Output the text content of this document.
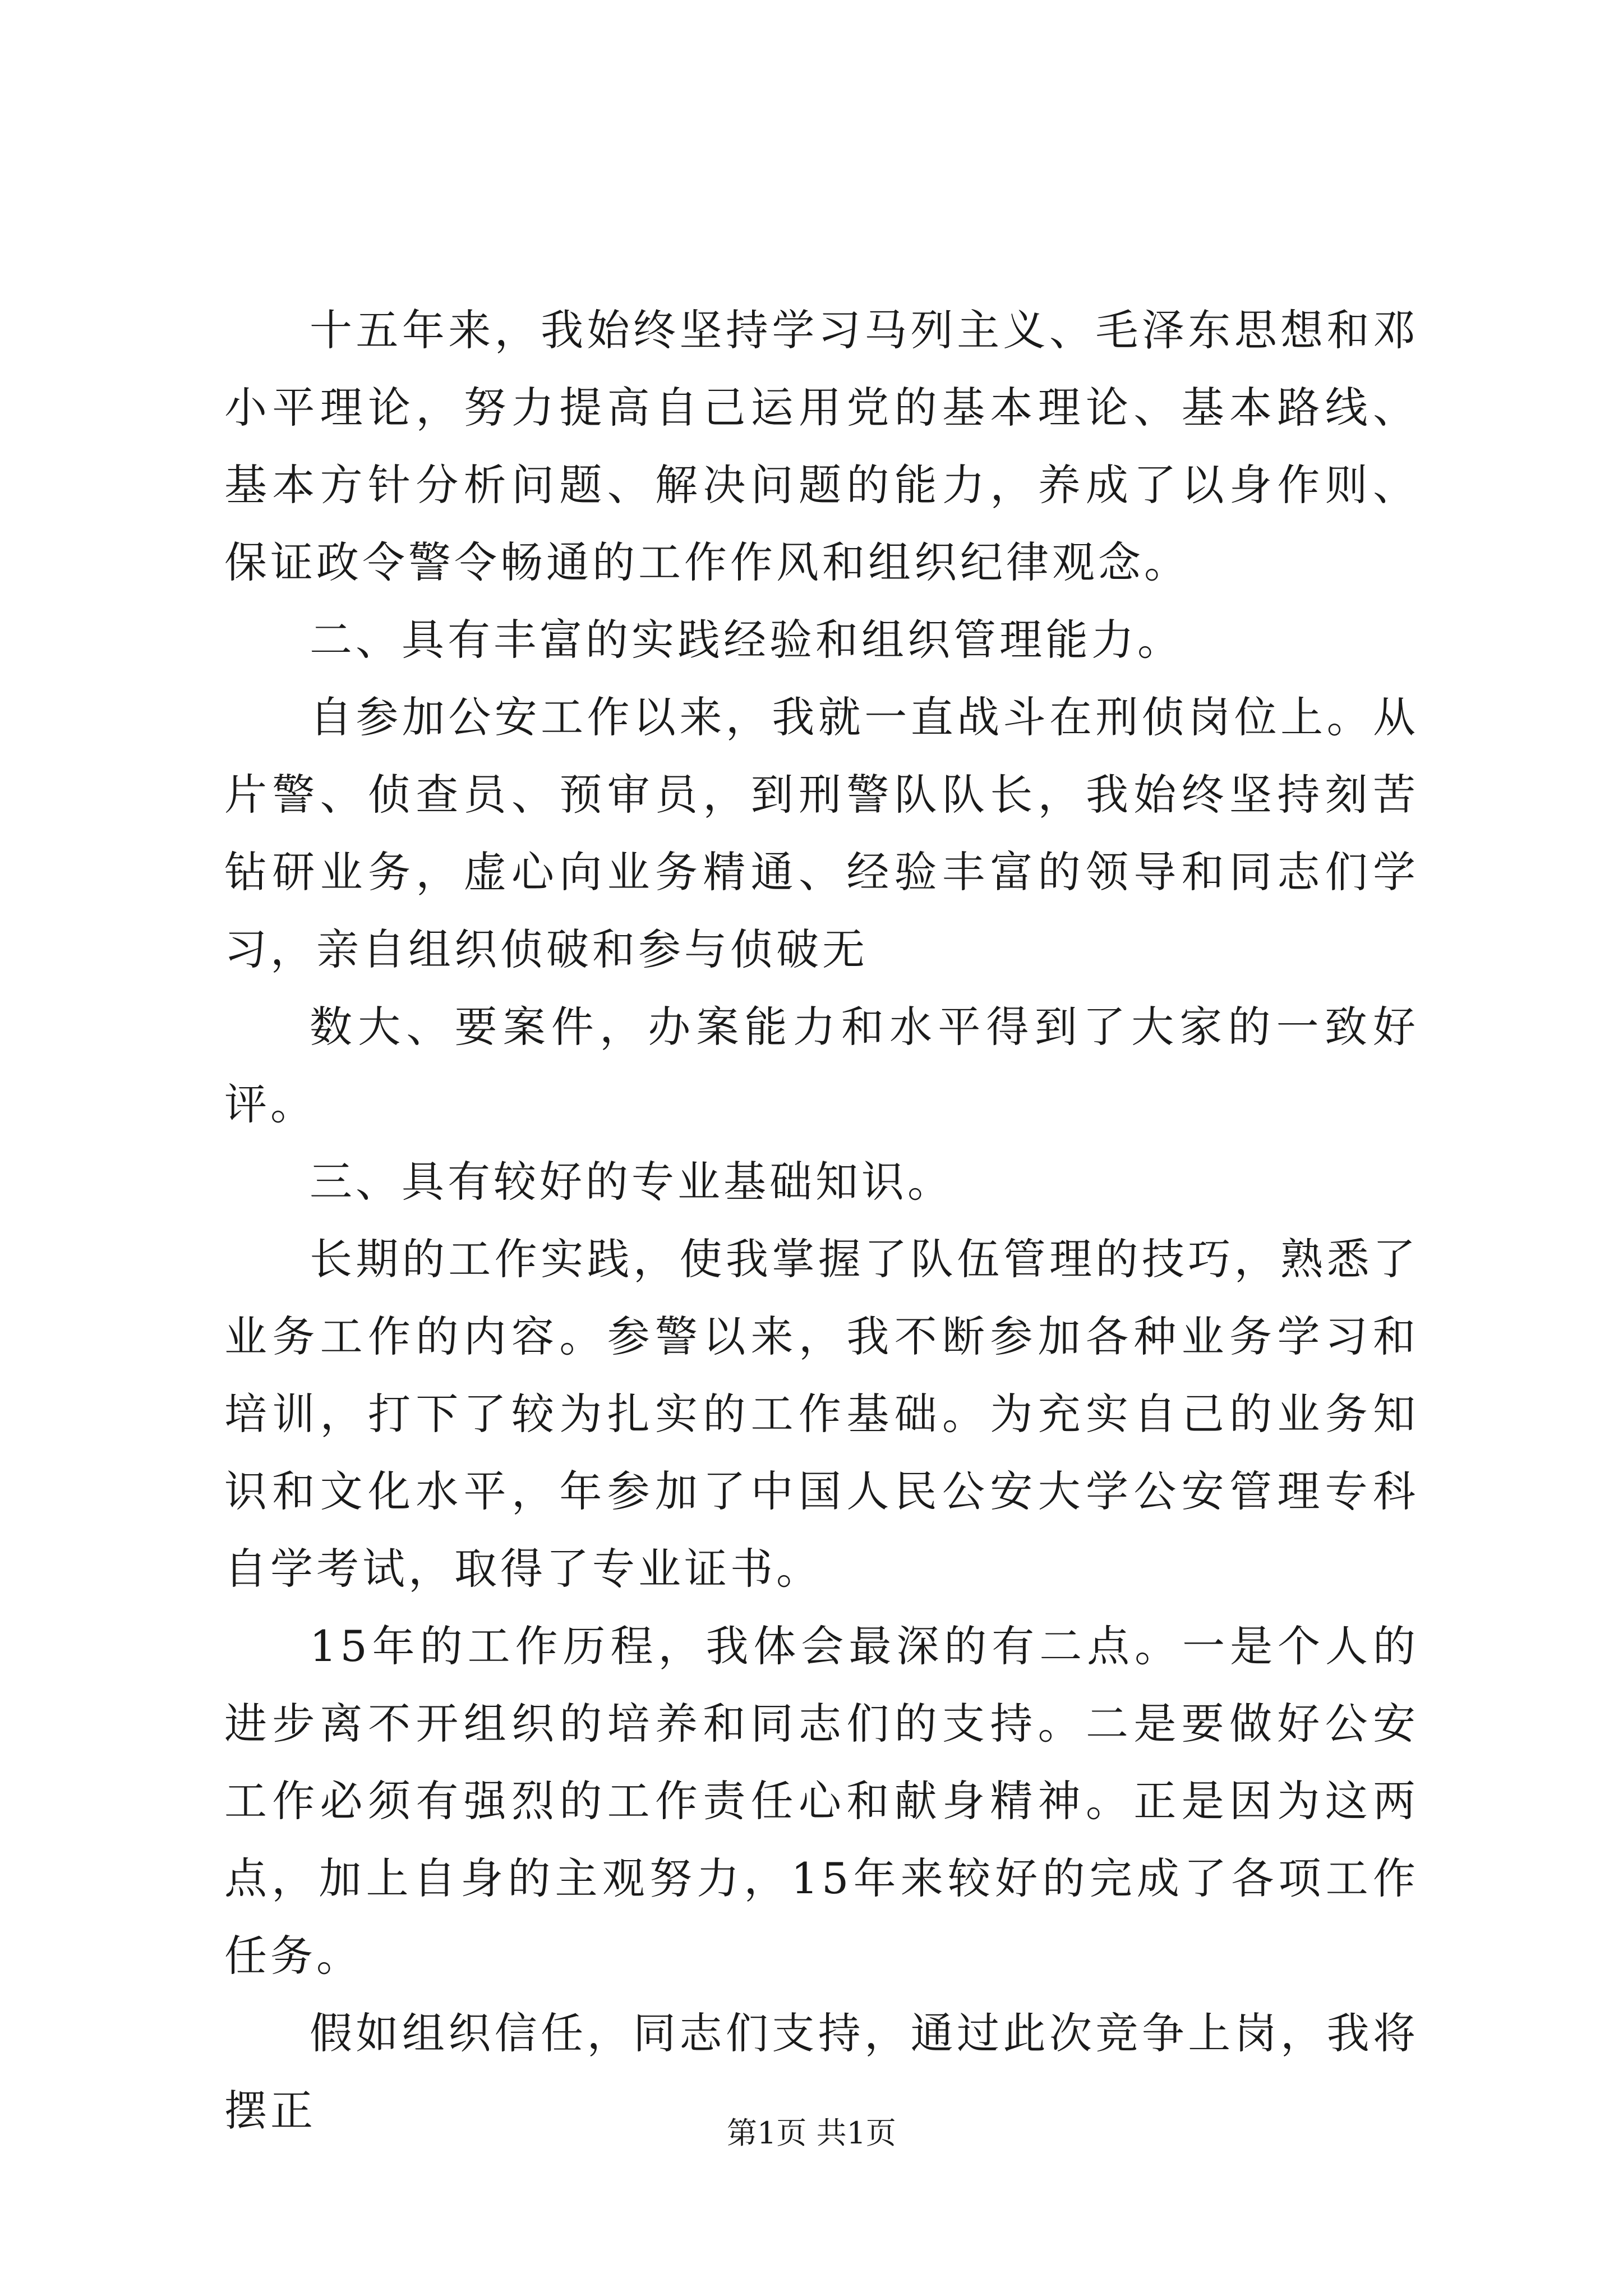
十五年来，我始终坚持学习马列主义、毛泽东思想和邓小平理论，努力提高自己运用党的基本理论、基本路线、基本方针分析问题、解决问题的能力，养成了以身作则、保证政令警令畅通的工作作风和组织纪律观念。

二、具有丰富的实践经验和组织管理能力。

自参加公安工作以来，我就一直战斗在刑侦岗位上。从片警、侦查员、预审员，到刑警队队长，我始终坚持刻苦钻研业务，虚心向业务精通、经验丰富的领导和同志们学习，亲自组织侦破和参与侦破无

数大、要案件，办案能力和水平得到了大家的一致好评。

三、具有较好的专业基础知识。

长期的工作实践，使我掌握了队伍管理的技巧，熟悉了业务工作的内容。参警以来，我不断参加各种业务学习和培训，打下了较为扎实的工作基础。为充实自己的业务知识和文化水平，年参加了中国人民公安大学公安管理专科自学考试，取得了专业证书。

15年的工作历程，我体会最深的有二点。一是个人的进步离不开组织的培养和同志们的支持。二是要做好公安工作必须有强烈的工作责任心和献身精神。正是因为这两点，加上自身的主观努力，15年来较好的完成了各项工作任务。

假如组织信任，同志们支持，通过此次竞争上岗，我将摆正	第1页 共1页
